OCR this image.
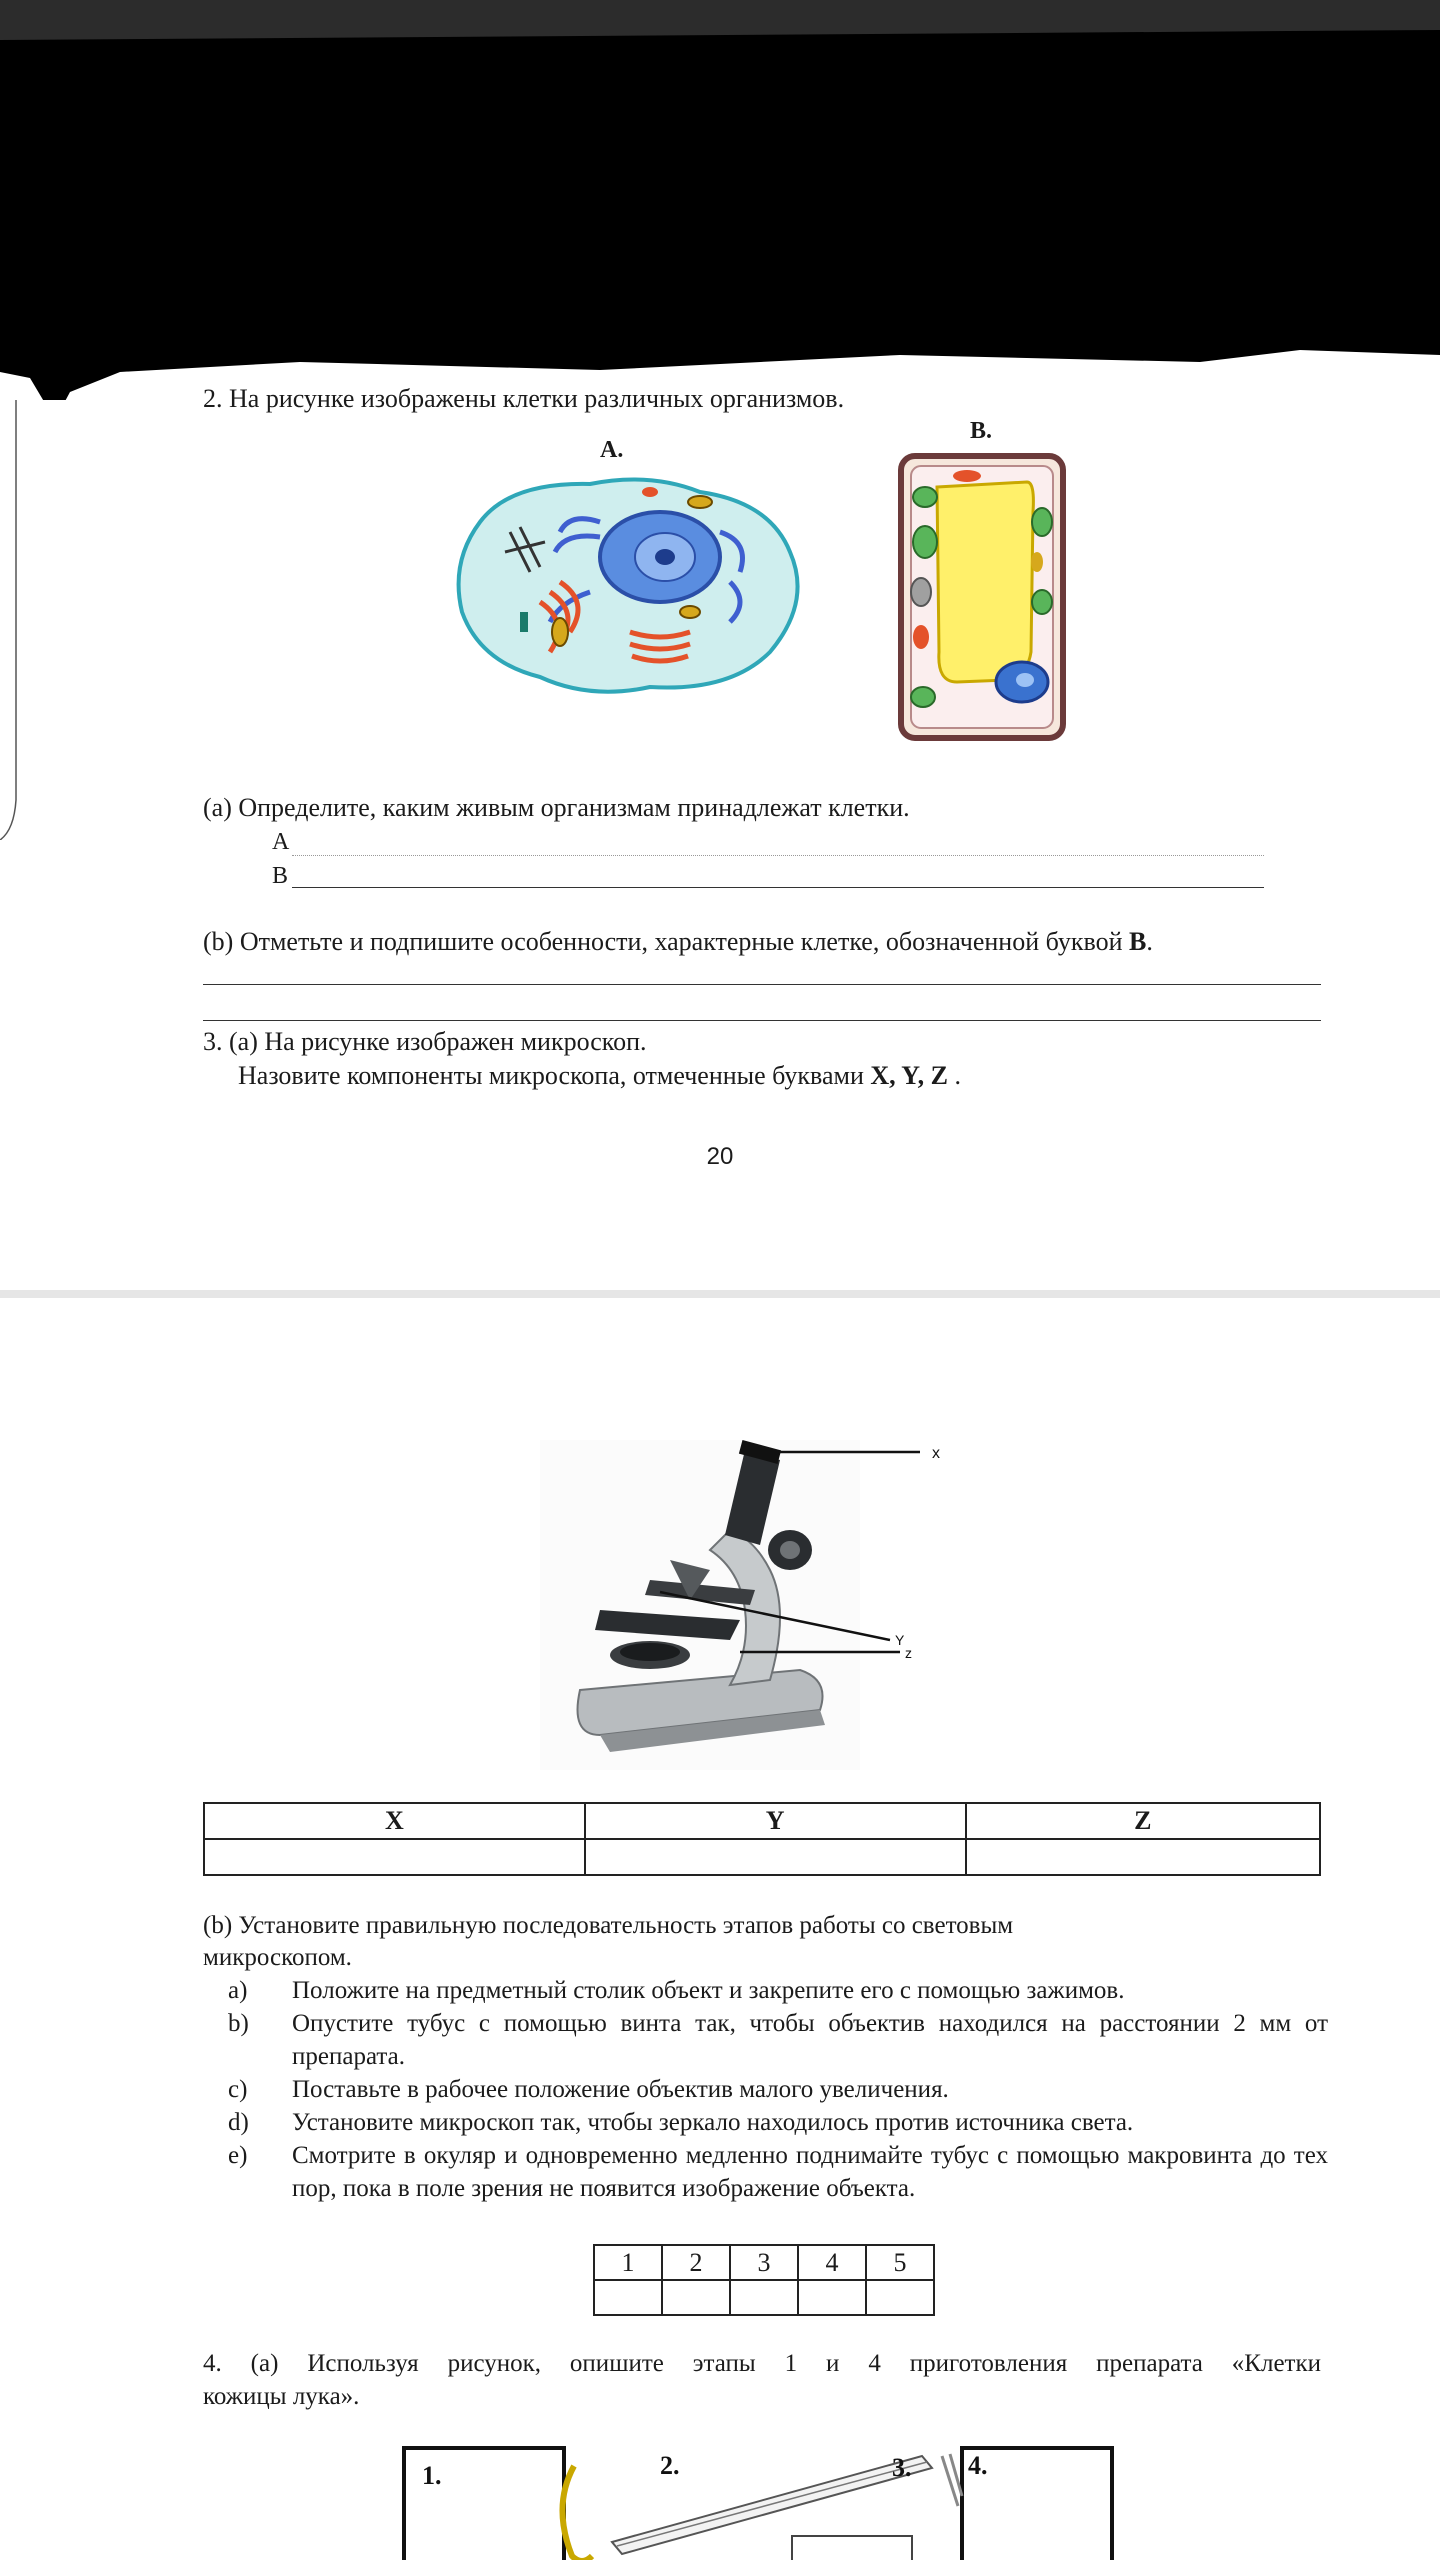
2. На рисунке изображены клетки различных организмов.
А.
В.
(а) Определите, каким живым организмам принадлежат клетки.
А
В
(b) Отметьте и подпишите особенности, характерные клетке, обозначенной буквой В.
3. (а) На рисунке изображен микроскоп.
Назовите компоненты микроскопа, отмеченные буквами X, Y, Z .
20
x
Y
z
X	Y	Z

(b) Установите правильную последовательность этапов работы со световым
микроскопом.
a) Положите на предметный столик объект и закрепите его с помощью зажимов.
b) Опустите тубус с помощью винта так, чтобы объектив находился на расстоянии 2 мм от препарата.
c) Поставьте в рабочее положение объектив малого увеличения.
d) Установите микроскоп так, чтобы зеркало находилось против источника света.
e) Смотрите в окуляр и одновременно медленно поднимайте тубус с помощью макровинта до тех пор, пока в поле зрения не появится изображение объекта.
1	2	3	4	5

4. (а) Используя рисунок, опишите этапы 1 и 4 приготовления препарата «Клетки
кожицы лука».
1.	2.	3. 4.
